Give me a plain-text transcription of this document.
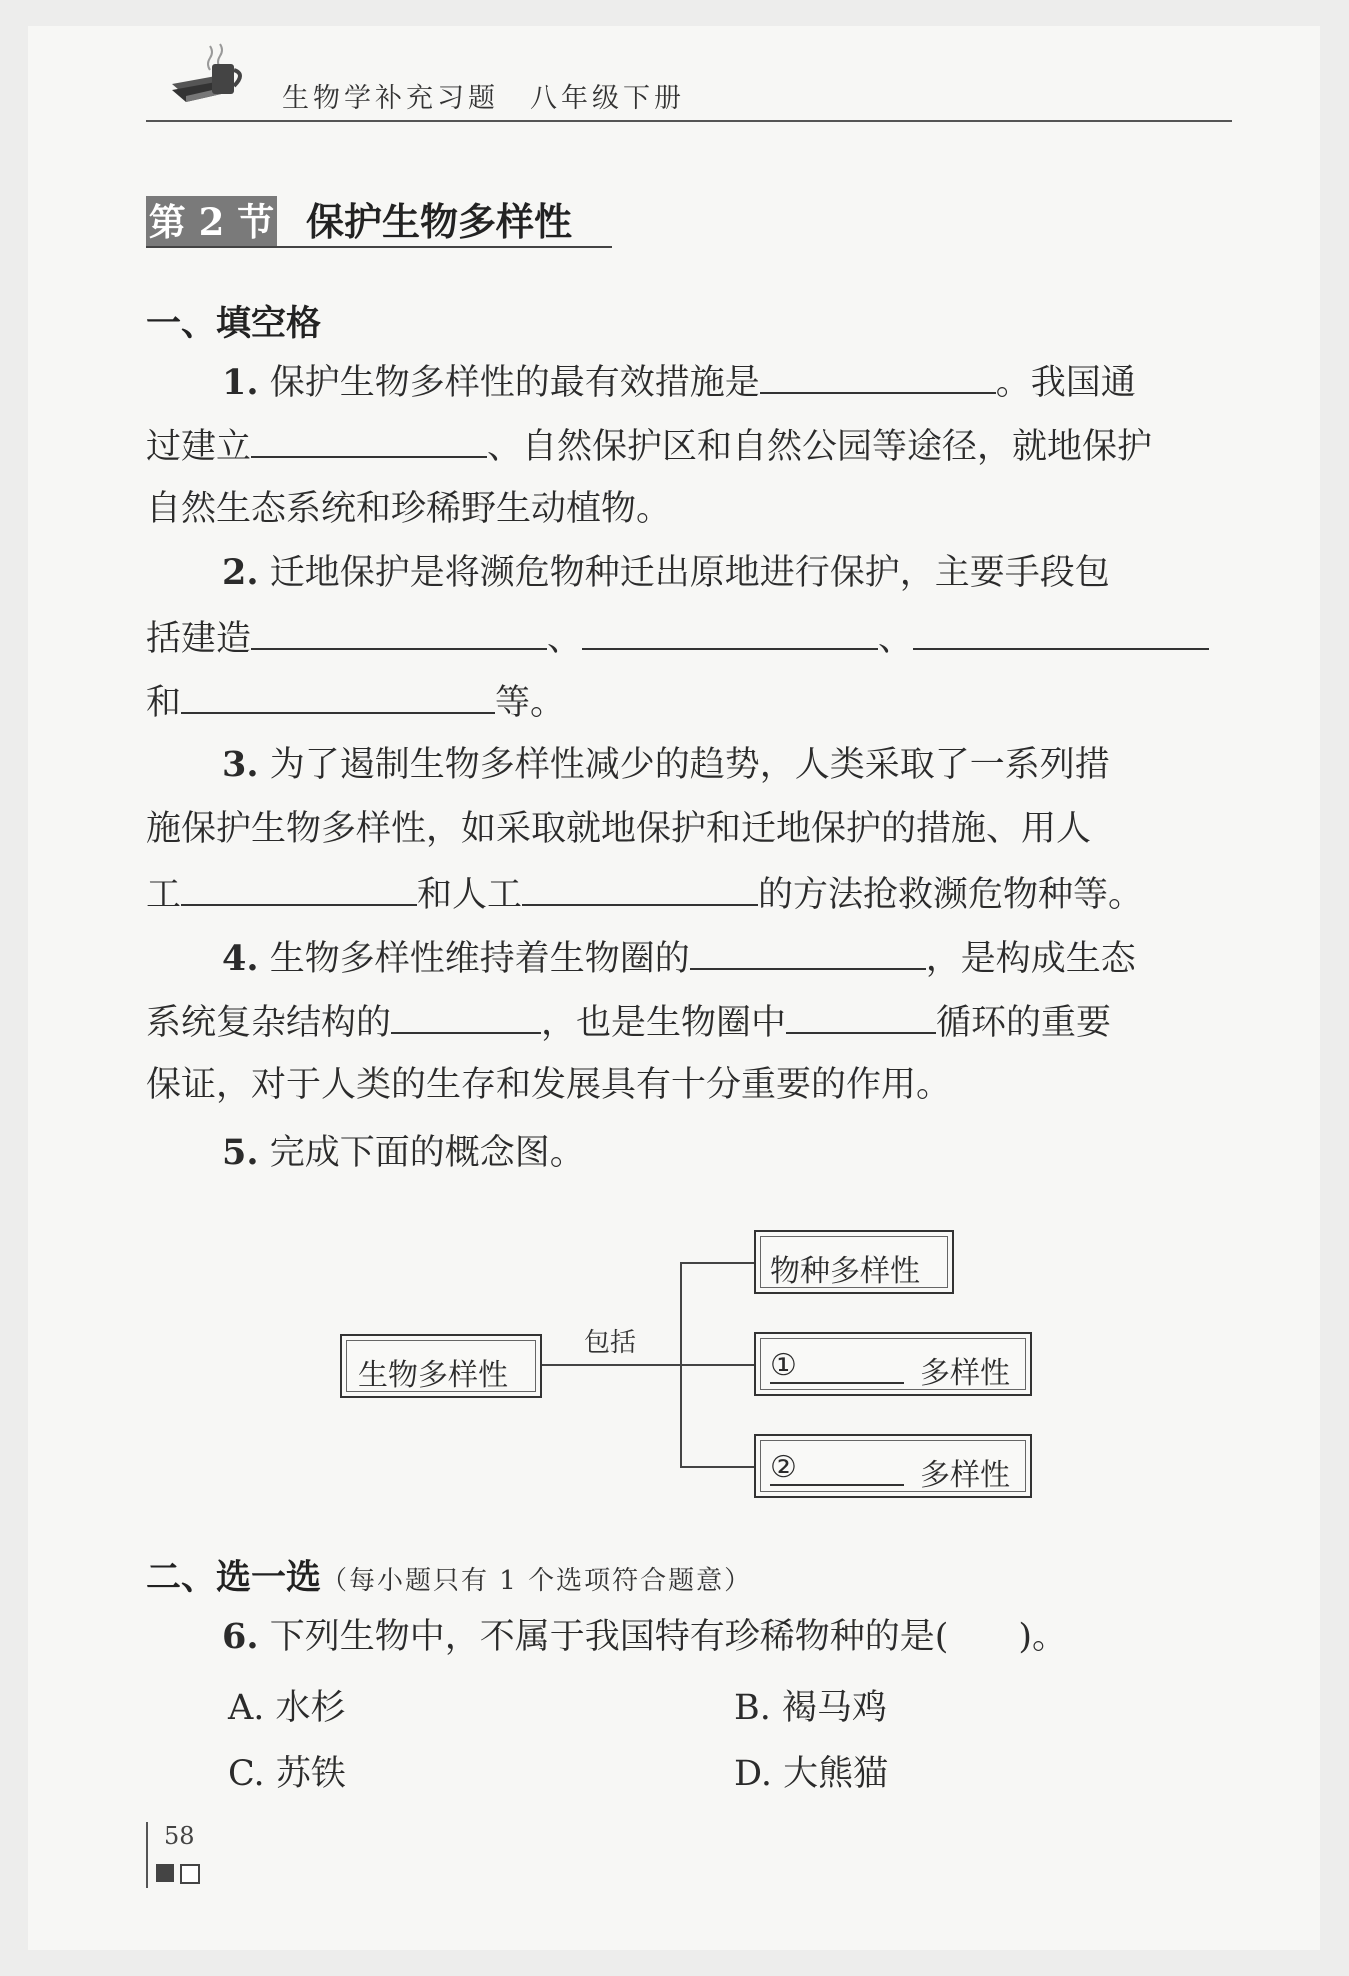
生物学补充习题　八年级下册
第 2 节 保护生物多样性
一、填空格
1. 保护生物多样性的最有效措施是	。我国通
过建立	、自然保护区和自然公园等途径，就地保护
自然生态系统和珍稀野生动植物。
2. 迁地保护是将濒危物种迁出原地进行保护，主要手段包
括建造	、	、
和	等。
3. 为了遏制生物多样性减少的趋势，人类采取了一系列措
施保护生物多样性，如采取就地保护和迁地保护的措施、用人
工	和人工	的方法抢救濒危物种等。
4. 生物多样性维持着生物圈的	，是构成生态
系统复杂结构的	，也是生物圈中	循环的重要
保证，对于人类的生存和发展具有十分重要的作用。
5. 完成下面的概念图。
生物多样性
包括
物种多样性
①	多样性
②	多样性
二、选一选（每小题只有 1 个选项符合题意）
6. 下列生物中，不属于我国特有珍稀物种的是(　　)。
A. 水杉	B. 褐马鸡
C. 苏铁	D. 大熊猫
58
